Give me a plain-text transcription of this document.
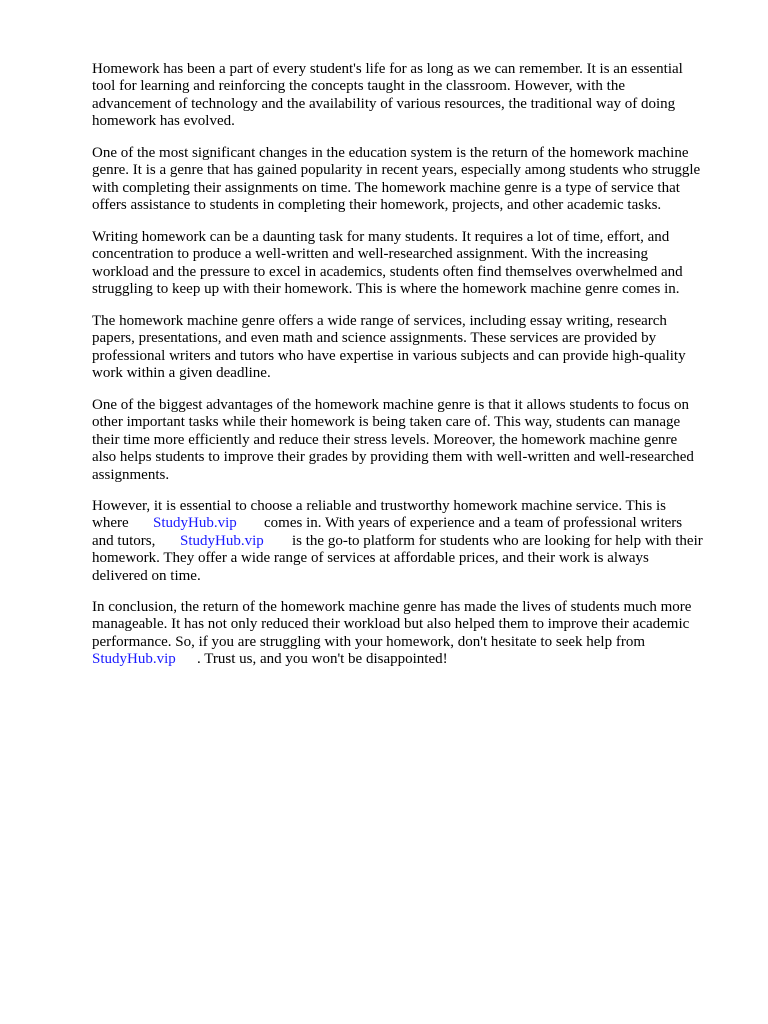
Homework has been a part of every student's life for as long as we can remember. It is an essential
tool for learning and reinforcing the concepts taught in the classroom. However, with the
advancement of technology and the availability of various resources, the traditional way of doing
homework has evolved.
One of the most significant changes in the education system is the return of the homework machine
genre. It is a genre that has gained popularity in recent years, especially among students who struggle
with completing their assignments on time. The homework machine genre is a type of service that
offers assistance to students in completing their homework, projects, and other academic tasks.
Writing homework can be a daunting task for many students. It requires a lot of time, effort, and
concentration to produce a well-written and well-researched assignment. With the increasing
workload and the pressure to excel in academics, students often find themselves overwhelmed and
struggling to keep up with their homework. This is where the homework machine genre comes in.
The homework machine genre offers a wide range of services, including essay writing, research
papers, presentations, and even math and science assignments. These services are provided by
professional writers and tutors who have expertise in various subjects and can provide high-quality
work within a given deadline.
One of the biggest advantages of the homework machine genre is that it allows students to focus on
other important tasks while their homework is being taken care of. This way, students can manage
their time more efficiently and reduce their stress levels. Moreover, the homework machine genre
also helps students to improve their grades by providing them with well-written and well-researched
assignments.
However, it is essential to choose a reliable and trustworthy homework machine service. This is
where StudyHub.vip comes in. With years of experience and a team of professional writers
and tutors, StudyHub.vip is the go-to platform for students who are looking for help with their
homework. They offer a wide range of services at affordable prices, and their work is always
delivered on time.
In conclusion, the return of the homework machine genre has made the lives of students much more
manageable. It has not only reduced their workload but also helped them to improve their academic
performance. So, if you are struggling with your homework, don't hesitate to seek help from
StudyHub.vip . Trust us, and you won't be disappointed!
